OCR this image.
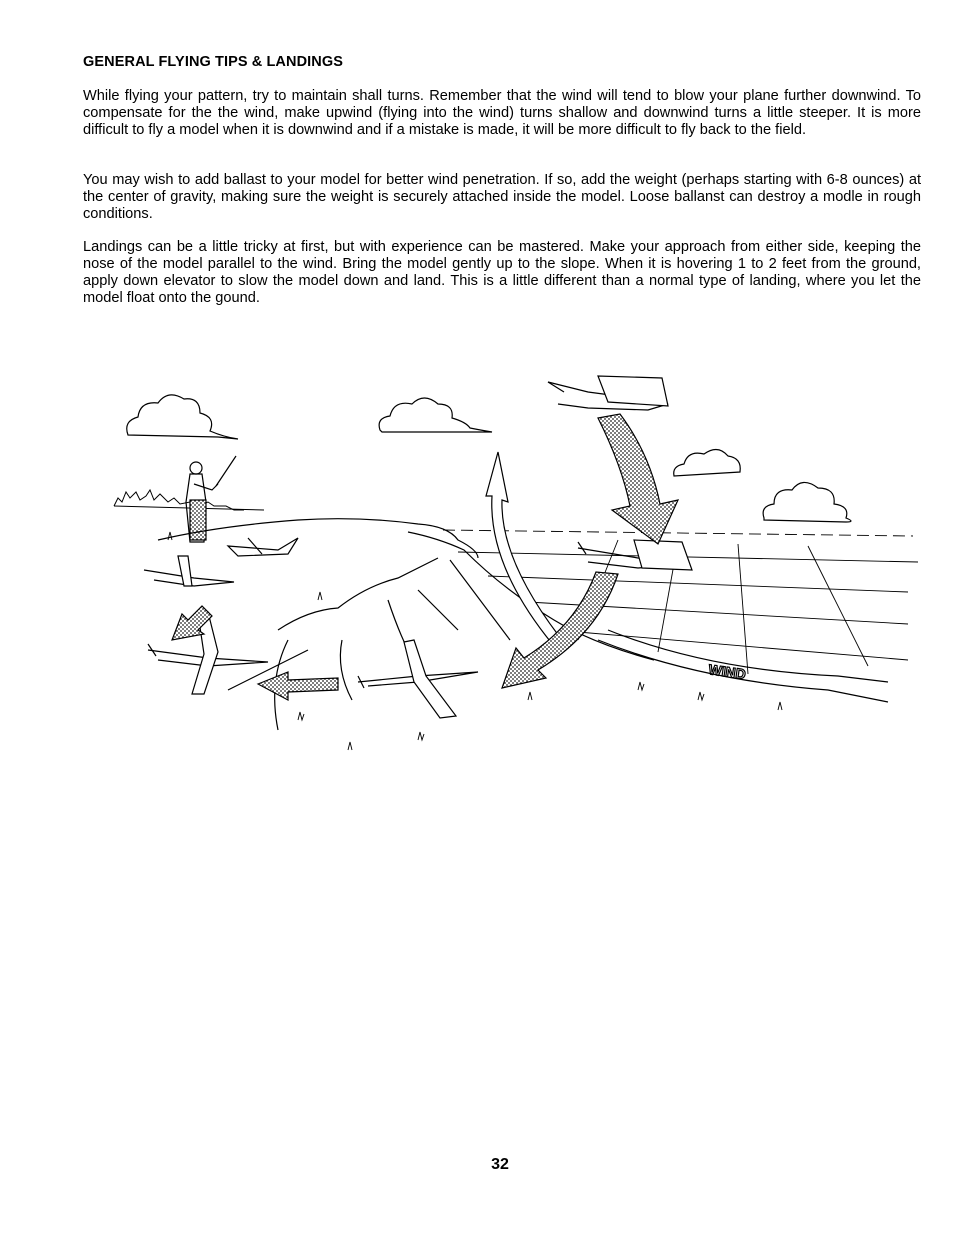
GENERAL FLYING TIPS & LANDINGS

While flying your pattern, try to maintain shall turns. Remember that the wind will tend to blow your plane further downwind. To compensate for the the wind, make upwind (flying into the wind) turns shallow and downwind turns a little steeper. It is more difficult to fly a model when it is downwind and if a mistake is made, it will be more difficult to fly back to the field.

You may wish to add ballast to your model for better wind penetration. If so, add the weight (perhaps starting with 6-8 ounces) at the center of gravity, making sure the weight is securely attached inside the model. Loose ballanst can destroy a modle in rough conditions.

Landings can be a little tricky at first, but with experience can be mastered. Make your approach from either side, keeping the nose of the model parallel to the wind. Bring the model gently up to the slope. When it is hovering 1 to 2 feet from the ground, apply down elevator to slow the model down and land. This is a little different than a normal type of landing, where you let the model float onto the gound.

WIND
32
